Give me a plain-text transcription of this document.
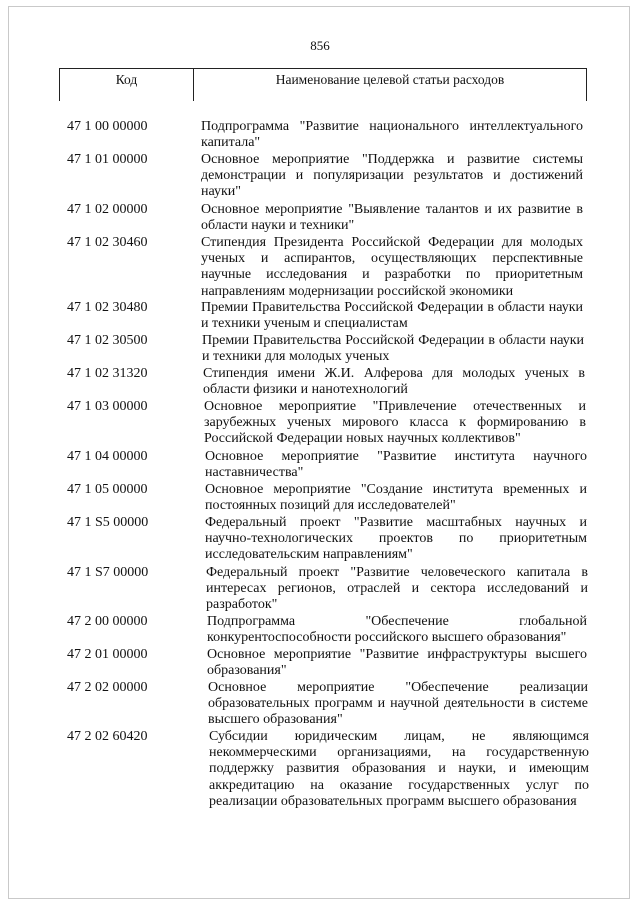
856
Код	Наименование целевой статьи расходов
47 1 00 00000	Подпрограмма "Развитие национального интеллектуального капитала"
47 1 01 00000	Основное мероприятие "Поддержка и развитие системы демонстрации и популяризации результатов и достижений науки"
47 1 02 00000	Основное мероприятие "Выявление талантов и их развитие в области науки и техники"
47 1 02 30460	Стипендия Президента Российской Федерации для молодых ученых и аспирантов, осуществляющих перспективные научные исследования и разработки по приоритетным направлениям модернизации российской экономики
47 1 02 30480	Премии Правительства Российской Федерации в области науки и техники ученым и специалистам
47 1 02 30500	Премии Правительства Российской Федерации в области науки и техники для молодых ученых
47 1 02 31320	Стипендия имени Ж.И. Алферова для молодых ученых в области физики и нанотехнологий
47 1 03 00000	Основное мероприятие "Привлечение отечественных и зарубежных ученых мирового класса к формированию в Российской Федерации новых научных коллективов"
47 1 04 00000	Основное мероприятие "Развитие института научного наставничества"
47 1 05 00000	Основное мероприятие "Создание института временных и постоянных позиций для исследователей"
47 1 S5 00000	Федеральный проект "Развитие масштабных научных и научно-технологических проектов по приоритетным исследовательским направлениям"
47 1 S7 00000	Федеральный проект "Развитие человеческого капитала в интересах регионов, отраслей и сектора исследований и разработок"
47 2 00 00000	Подпрограмма "Обеспечение глобальной конкурентоспособности российского высшего образования"
47 2 01 00000	Основное мероприятие "Развитие инфраструктуры высшего образования"
47 2 02 00000	Основное мероприятие "Обеспечение реализации образовательных программ и научной деятельности в системе высшего образования"
47 2 02 60420	Субсидии юридическим лицам, не являющимся некоммерческими организациями, на государственную поддержку развития образования и науки, и имеющим аккредитацию на оказание государственных услуг по реализации образовательных программ высшего образования
